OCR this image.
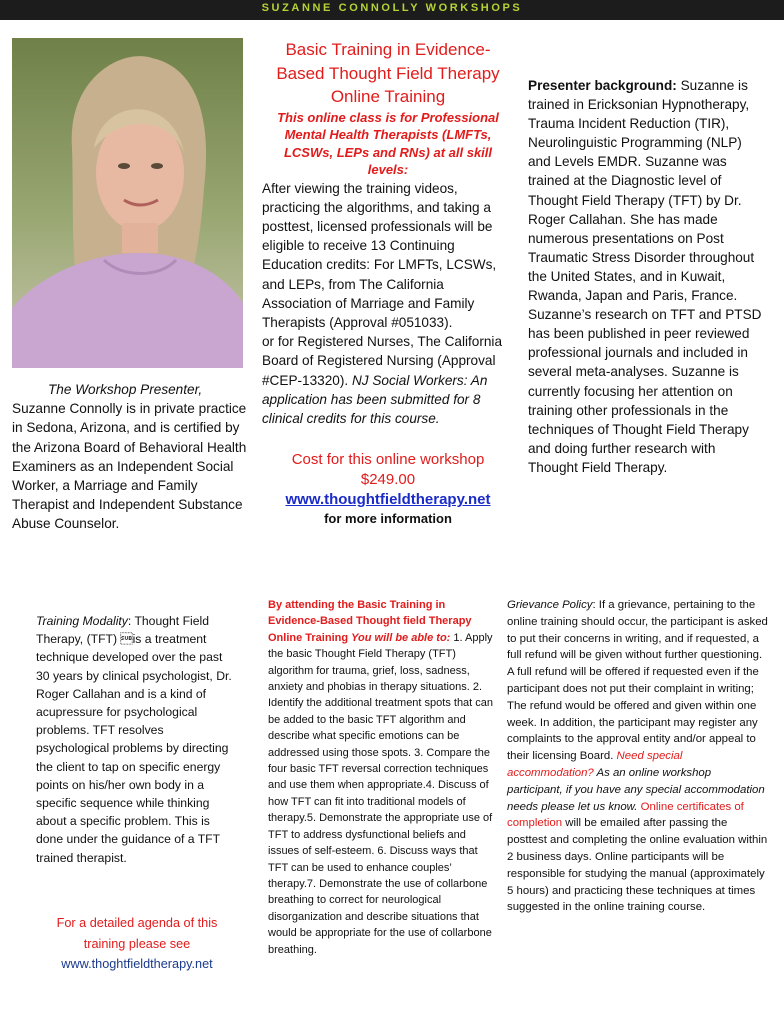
SUZANNE CONNOLLY WORKSHOPS
The Workshop Presenter, Suzanne Connolly is in private practice in Sedona, Arizona, and is certified by the Arizona Board of Behavioral Health Examiners as an Independent Social Worker, a Marriage and Family Therapist and Independent Substance Abuse Counselor.
Basic Training in Evidence-Based Thought Field Therapy Online Training
This online class is for Professional Mental Health Therapists (LMFTs, LCSWs, LEPs and RNs) at all skill levels:
After viewing the training videos, practicing the algorithms, and taking a posttest, licensed professionals will be eligible to receive 13 Continuing Education credits: For LMFTs, LCSWs, and LEPs, from The California Association of Marriage and Family Therapists (Approval #051033).
or for Registered Nurses, The California Board of Registered Nursing (Approval #CEP-13320). NJ Social Workers: An application has been submitted for 8 clinical credits for this course.
Cost for this online workshop
$249.00
www.thoughtfieldtherapy.net
for more information
Presenter background: Suzanne is trained in Ericksonian Hypnotherapy, Trauma Incident Reduction (TIR), Neurolinguistic Programming (NLP) and Levels EMDR. Suzanne was trained at the Diagnostic level of Thought Field Therapy (TFT) by Dr. Roger Callahan. She has made numerous presentations on Post Traumatic Stress Disorder throughout the United States, and in Kuwait, Rwanda, Japan and Paris, France. Suzanne’s research on TFT and PTSD has been published in peer reviewed professional journals and included in several meta-analyses. Suzanne is currently focusing her attention on training other professionals in the techniques of Thought Field Therapy and doing further research with Thought Field Therapy.
Training Modality: Thought Field Therapy, (TFT) is a treatment technique developed over the past 30 years by clinical psychologist, Dr. Roger Callahan and is a kind of acupressure for psychological problems. TFT resolves psychological problems by directing the client to tap on specific energy points on his/her own body in a specific sequence while thinking about a specific problem. This is done under the guidance of a TFT trained therapist.
For a detailed agenda of this training please see
www.thoghtfieldtherapy.net
By attending the Basic Training in Evidence-Based Thought field Therapy Online Training You will be able to: 1. Apply the basic Thought Field Therapy (TFT) algorithm for trauma, grief, loss, sadness, anxiety and phobias in therapy situations. 2. Identify the additional treatment spots that can be added to the basic TFT algorithm and describe what specific emotions can be addressed using those spots. 3. Compare the four basic TFT reversal correction techniques and use them when appropriate.4. Discuss of how TFT can fit into traditional models of therapy.5. Demonstrate the appropriate use of TFT to address dysfunctional beliefs and issues of self-esteem. 6. Discuss ways that TFT can be used to enhance couples’ therapy.7. Demonstrate the use of collarbone breathing to correct for neurological disorganization and describe situations that would be appropriate for the use of collarbone breathing.
Grievance Policy: If a grievance, pertaining to the online training should occur, the participant is asked to put their concerns in writing, and if requested, a full refund will be given without further questioning. A full refund will be offered if requested even if the participant does not put their complaint in writing; The refund would be offered and given within one week. In addition, the participant may register any complaints to the approval entity and/or appeal to their licensing Board. Need special accommodation? As an online workshop participant, if you have any special accommodation needs please let us know. Online certificates of completion will be emailed after passing the posttest and completing the online evaluation within 2 business days. Online participants will be responsible for studying the manual (approximately 5 hours) and practicing these techniques at times suggested in the online training course.
